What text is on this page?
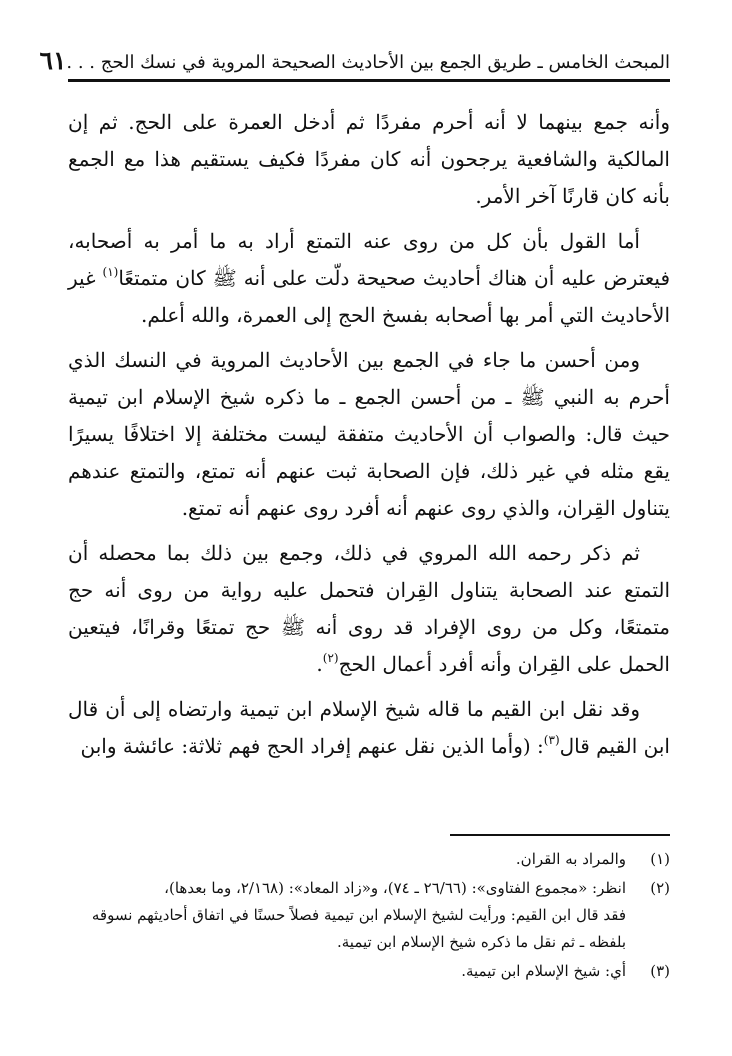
المبحث الخامس ـ طريق الجمع بين الأحاديث الصحيحة المروية في نسك الحج . . .
٦١

وأنه جمع بينهما لا أنه أحرم مفردًا ثم أدخل العمرة على الحج. ثم إن المالكية والشافعية يرجحون أنه كان مفردًا فكيف يستقيم هذا مع الجمع بأنه كان قارنًا آخر الأمر.

أما القول بأن كل من روى عنه التمتع أراد به ما أمر به أصحابه، فيعترض عليه أن هناك أحاديث صحيحة دلّت على أنه ﷺ كان متمتعًا$^{(١)}$ غير الأحاديث التي أمر بها أصحابه بفسخ الحج إلى العمرة، والله أعلم.

ومن أحسن ما جاء في الجمع بين الأحاديث المروية في النسك الذي أحرم به النبي ﷺ ـ من أحسن الجمع ـ ما ذكره شيخ الإسلام ابن تيمية حيث قال: والصواب أن الأحاديث متفقة ليست مختلفة إلا اختلافًا يسيرًا يقع مثله في غير ذلك، فإن الصحابة ثبت عنهم أنه تمتع، والتمتع عندهم يتناول القِران، والذي روى عنهم أنه أفرد روى عنهم أنه تمتع.

ثم ذكر رحمه الله المروي في ذلك، وجمع بين ذلك بما محصله أن التمتع عند الصحابة يتناول القِران فتحمل عليه رواية من روى أنه حج متمتعًا، وكل من روى الإفراد قد روى أنه ﷺ حج تمتعًا وقرانًا، فيتعين الحمل على القِران وأنه أفرد أعمال الحج$^{(٢)}$.

وقد نقل ابن القيم ما قاله شيخ الإسلام ابن تيمية وارتضاه إلى أن قال ابن القيم قال$^{(٣)}$: (وأما الذين نقل عنهم إفراد الحج فهم ثلاثة: عائشة وابن

(١)
والمراد به القران.
(٢)
انظر: «مجموع الفتاوى»: (٢٦/٦٦ ـ ٧٤)، و«زاد المعاد»: (٢/١٦٨، وما بعدها)،
فقد قال ابن القيم: ورأيت لشيخ الإسلام ابن تيمية فصلاً حسنًا في اتفاق أحاديثهم نسوقه
بلفظه ـ ثم نقل ما ذكره شيخ الإسلام ابن تيمية.
(٣)
أي: شيخ الإسلام ابن تيمية.
